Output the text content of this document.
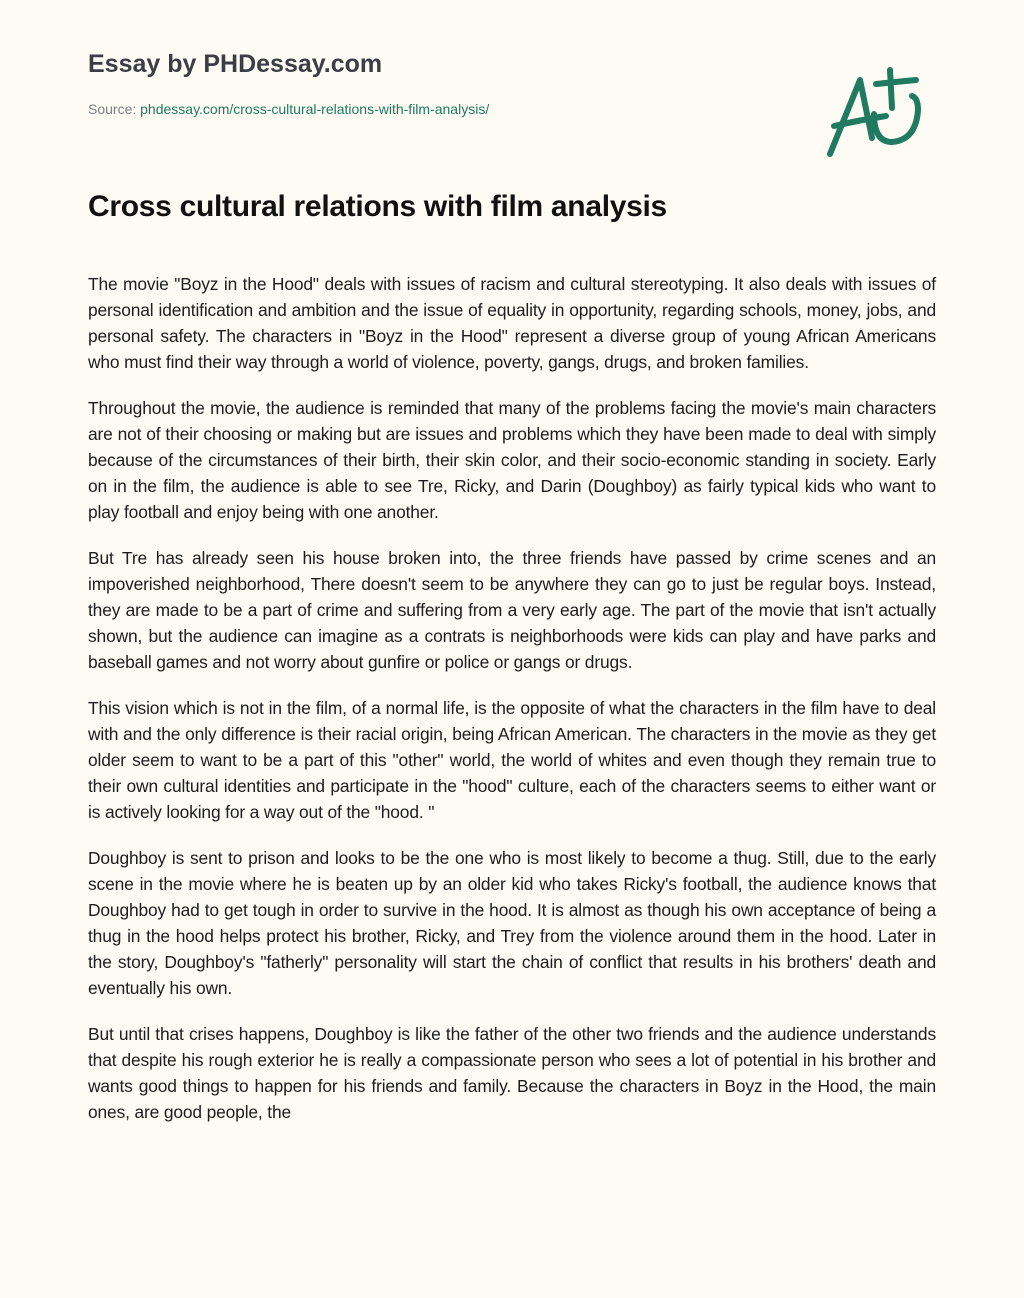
Essay by PHDessay.com
Source: phdessay.com/cross-cultural-relations-with-film-analysis/
Cross cultural relations with film analysis

The movie "Boyz in the Hood" deals with issues of racism and cultural stereotyping. It also deals with issues of personal identification and ambition and the issue of equality in opportunity, regarding schools, money, jobs, and personal safety. The characters in "Boyz in the Hood" represent a diverse group of young African Americans who must find their way through a world of violence, poverty, gangs, drugs, and broken families.

Throughout the movie, the audience is reminded that many of the problems facing the movie's main characters are not of their choosing or making but are issues and problems which they have been made to deal with simply because of the circumstances of their birth, their skin color, and their socio-economic standing in society. Early on in the film, the audience is able to see Tre, Ricky, and Darin (Doughboy) as fairly typical kids who want to play football and enjoy being with one another.

But Tre has already seen his house broken into, the three friends have passed by crime scenes and an impoverished neighborhood, There doesn't seem to be anywhere they can go to just be regular boys. Instead, they are made to be a part of crime and suffering from a very early age. The part of the movie that isn't actually shown, but the audience can imagine as a contrats is neighborhoods were kids can play and have parks and baseball games and not worry about gunfire or police or gangs or drugs.

This vision which is not in the film, of a normal life, is the opposite of what the characters in the film have to deal with and the only difference is their racial origin, being African American. The characters in the movie as they get older seem to want to be a part of this "other" world, the world of whites and even though they remain true to their own cultural identities and participate in the "hood" culture, each of the characters seems to either want or is actively looking for a way out of the "hood. "

Doughboy is sent to prison and looks to be the one who is most likely to become a thug. Still, due to the early scene in the movie where he is beaten up by an older kid who takes Ricky's football, the audience knows that Doughboy had to get tough in order to survive in the hood. It is almost as though his own acceptance of being a thug in the hood helps protect his brother, Ricky, and Trey from the violence around them in the hood. Later in the story, Doughboy's "fatherly" personality will start the chain of conflict that results in his brothers' death and eventually his own.

But until that crises happens, Doughboy is like the father of the other two friends and the audience understands that despite his rough exterior he is really a compassionate person who sees a lot of potential in his brother and wants good things to happen for his friends and family. Because the characters in Boyz in the Hood, the main ones, are good people, the
